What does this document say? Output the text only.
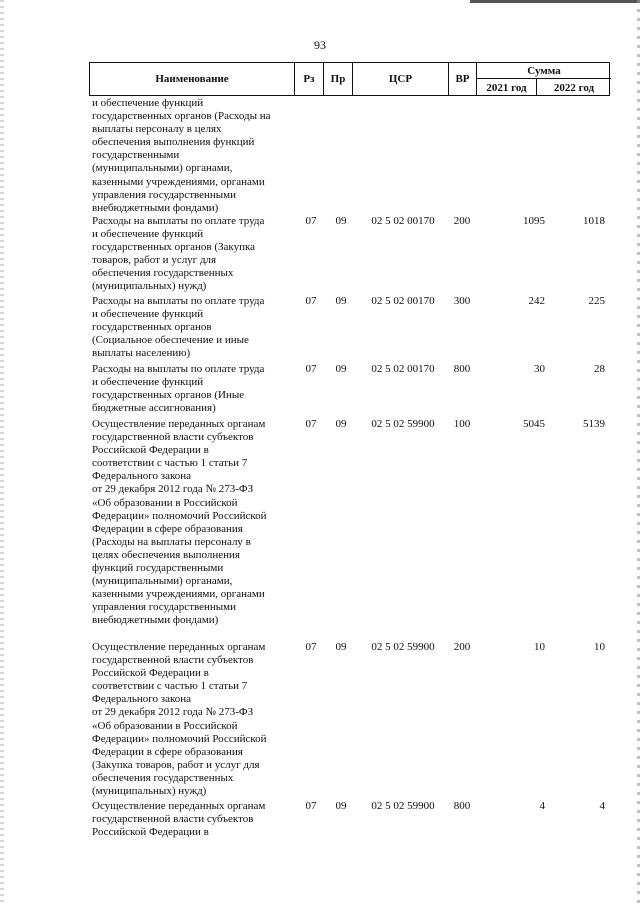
93
Наименование	Рз	Пр	ЦСР	ВР
Сумма
2021 год	2022 год
и обеспечение функций
государственных органов (Расходы на
выплаты персоналу в целях
обеспечения выполнения функций
государственными
(муниципальными) органами,
казенными учреждениями, органами
управления государственными
внебюджетными фондами)
Расходы на выплаты по оплате труда
и обеспечение функций
государственных органов (Закупка
товаров, работ и услуг для
обеспечения государственных
(муниципальных) нужд)
07	09	02 5 02 00170	200	1095	1018
Расходы на выплаты по оплате труда
и обеспечение функций
государственных органов
(Социальное обеспечение и иные
выплаты населению)
07	09	02 5 02 00170	300	242	225
Расходы на выплаты по оплате труда
и обеспечение функций
государственных органов (Иные
бюджетные ассигнования)
07	09	02 5 02 00170	800	30	28
Осуществление переданных органам
государственной власти субъектов
Российской Федерации в
соответствии с частью 1 статьи 7
Федерального закона
от 29 декабря 2012 года № 273-ФЗ
«Об образовании в Российской
Федерации» полномочий Российской
Федерации в сфере образования
(Расходы на выплаты персоналу в
целях обеспечения выполнения
функций государственными
(муниципальными) органами,
казенными учреждениями, органами
управления государственными
внебюджетными фондами)
07	09	02 5 02 59900	100	5045	5139
Осуществление переданных органам
государственной власти субъектов
Российской Федерации в
соответствии с частью 1 статьи 7
Федерального закона
от 29 декабря 2012 года № 273-ФЗ
«Об образовании в Российской
Федерации» полномочий Российской
Федерации в сфере образования
(Закупка товаров, работ и услуг для
обеспечения государственных
(муниципальных) нужд)
07	09	02 5 02 59900	200	10	10
Осуществление переданных органам
государственной власти субъектов
Российской Федерации в
07	09	02 5 02 59900	800	4	4
